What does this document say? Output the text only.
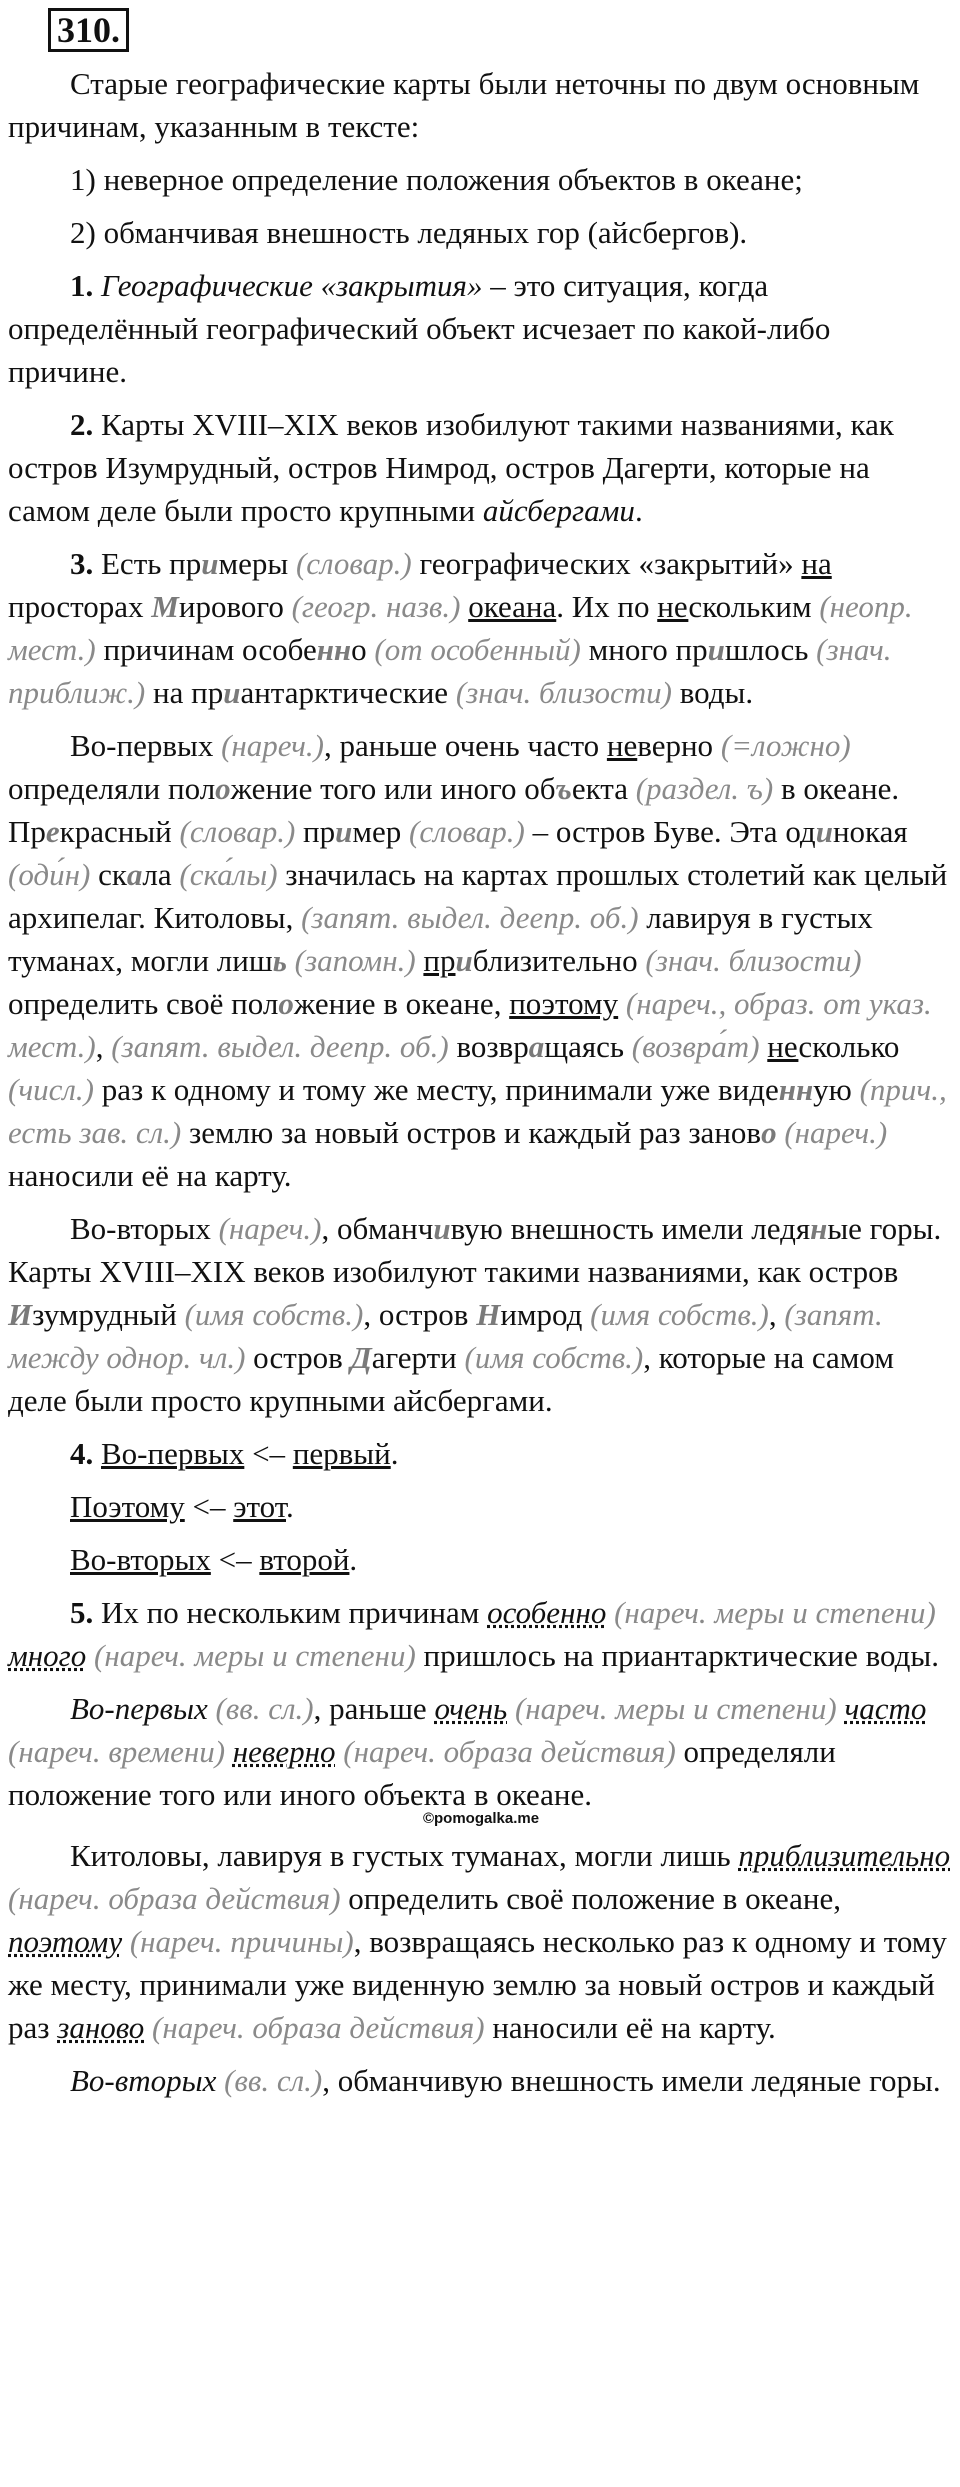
310.

Старые географические карты были неточны по двум основным причинам, указанным в тексте:

1) неверное определение положения объектов в океане;

2) обманчивая внешность ледяных гор (айсбергов).

1. Географические «закрытия» – это ситуация, когда определённый географический объект исчезает по какой-либо причине.

2. Карты XVIII–XIX веков изобилуют такими названиями, как остров Изумрудный, остров Нимрод, остров Дагерти, которые на самом деле были просто крупными айсбергами.

3. Есть примеры (словар.) географических «закрытий» на просторах Мирового (геогр. назв.) океана. Их по нескольким (неопр. мест.) причинам особенно (от особенный) много пришлось (знач. приближ.) на приантарктические (знач. близости) воды.

Во-первых (нареч.), раньше очень часто неверно (=ложно) определяли положение того или иного объекта (раздел. ъ) в океане. Прекрасный (словар.) пример (словар.) – остров Буве. Эта одинокая (оди́н) скала (ска́лы) значилась на картах прошлых столетий как целый архипелаг. Китоловы, (запят. выдел. деепр. об.) лавируя в густых туманах, могли лишь (запомн.) приблизительно (знач. близости) определить своё положение в океане, поэтому (нареч., образ. от указ. мест.), (запят. выдел. деепр. об.) возвращаясь (возвра́т) несколько (числ.) раз к одному и тому же месту, принимали уже виденную (прич., есть зав. сл.) землю за новый остров и каждый раз заново (нареч.) наносили её на карту.

Во-вторых (нареч.), обманчивую внешность имели ледяные горы. Карты XVIII–XIX веков изобилуют такими названиями, как остров Изумрудный (имя собств.), остров Нимрод (имя собств.), (запят. между однор. чл.) остров Дагерти (имя собств.), которые на самом деле были просто крупными айсбергами.

4. Во-первых <– первый.

Поэтому <– этот.

Во-вторых <– второй.

5. Их по нескольким причинам особенно (нареч. меры и степени) много (нареч. меры и степени) пришлось на приантарктические воды.

Во-первых (вв. сл.), раньше очень (нареч. меры и степени) часто (нареч. времени) неверно (нареч. образа действия) определяли положение того или иного объекта в океане.

©pomogalka.me

Китоловы, лавируя в густых туманах, могли лишь приблизительно (нареч. образа действия) определить своё положение в океане, поэтому (нареч. причины), возвращаясь несколько раз к одному и тому же месту, принимали уже виденную землю за новый остров и каждый раз заново (нареч. образа действия) наносили её на карту.

Во-вторых (вв. сл.), обманчивую внешность имели ледяные горы.
